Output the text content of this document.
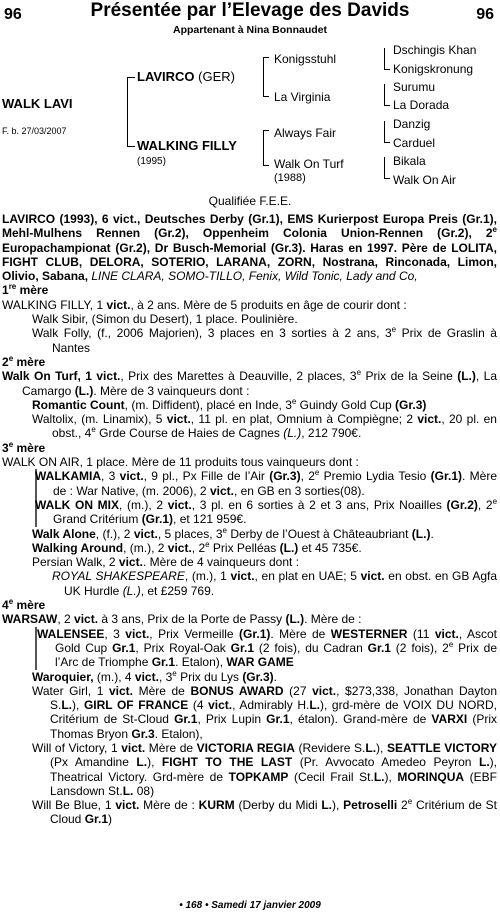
96	96
Présentée par l’Elevage des Davids
Appartenant à Nina Bonnaudet
WALK LAVI
F. b. 27/03/2007
LAVIRCO (GER)
WALKING FILLY
(1995)
Konigsstuhl
La Virginia
Always Fair
Walk On Turf
(1988)
Dschingis Khan
Konigskronung
Surumu
La Dorada
Danzig
Carduel
Bikala
Walk On Air
Qualifiée F.E.E.

LAVIRCO (1993), 6 vict., Deutsches Derby (Gr.1), EMS Kurierpost Europa Preis (Gr.1), Mehl-Mulhens Rennen (Gr.2), Oppenheim Colonia Union-Rennen (Gr.2), 2e Europachampionat (Gr.2), Dr Busch-Memorial (Gr.3). Haras en 1997. Père de LOLITA, FIGHT CLUB, DELORA, SOTERIO, LARANA, ZORN, Nostrana, Rinconada, Limon, Olivio, Sabana, LINE CLARA, SOMO-TILLO, Fenix, Wild Tonic, Lady and Co,

1re mère

WALKING FILLY, 1 vict., à 2 ans. Mère de 5 produits en âge de courir dont :

Walk Sibir, (Simon du Desert), 1 place. Poulinière.

Walk Folly, (f., 2006 Majorien), 3 places en 3 sorties à 2 ans, 3e Prix de Graslin à Nantes

2e mère

Walk On Turf, 1 vict., Prix des Marettes à Deauville, 2 places, 3e Prix de la Seine (L.), La Camargo (L.). Mère de 3 vainqueurs dont :

Romantic Count, (m. Diffident), placé en Inde, 3e Guindy Gold Cup (Gr.3)

Waltolix, (m. Linamix), 5 vict., 11 pl. en plat, Omnium à Compiègne; 2 vict., 20 pl. en obst., 4e Grde Course de Haies de Cagnes (L.), 212 790€.

3e mère

WALK ON AIR, 1 place. Mère de 11 produits tous vainqueurs dont :

WALKAMIA, 3 vict., 9 pl., Px Fille de l’Air (Gr.3), 2e Premio Lydia Tesio (Gr.1). Mère de : War Native, (m. 2006), 2 vict., en GB en 3 sorties(08).

WALK ON MIX, (m.), 2 vict., 3 pl. en 6 sorties à 2 et 3 ans, Prix Noailles (Gr.2), 2e Grand Critérium (Gr.1), et 121 959€.

Walk Alone, (f.), 2 vict., 5 places, 3e Derby de l’Ouest à Châteaubriant (L.).

Walking Around, (m.), 2 vict., 2e Prix Pelléas (L.) et 45 735€.

Persian Walk, 2 vict.. Mère de 4 vainqueurs dont :

ROYAL SHAKESPEARE, (m.), 1 vict., en plat en UAE; 5 vict. en obst. en GB Agfa UK Hurdle (L.), et £259 769.

4e mère

WARSAW, 2 vict. à 3 ans, Prix de la Porte de Passy (L.). Mère de :

WALENSEE, 3 vict., Prix Vermeille (Gr.1). Mère de WESTERNER (11 vict., Ascot Gold Cup Gr.1, Prix Royal-Oak Gr.1 (2 fois), du Cadran Gr.1 (2 fois), 2e Prix de l’Arc de Triomphe Gr.1. Etalon), WAR GAME

Waroquier, (m.), 4 vict., 3e Prix du Lys (Gr.3).

Water Girl, 1 vict. Mère de BONUS AWARD (27 vict., $273,338, Jonathan Dayton S.L.), GIRL OF FRANCE (4 vict., Admirably H.L.), grd-mère de VOIX DU NORD, Critérium de St-Cloud Gr.1, Prix Lupin Gr.1, étalon). Grand-mère de VARXI (Prix Thomas Bryon Gr.3. Etalon),

Will of Victory, 1 vict. Mère de VICTORIA REGIA (Revidere S.L.), SEATTLE VICTORY (Px Amandine L.), FIGHT TO THE LAST (Pr. Avvocato Amedeo Peyron L.), Theatrical Victory. Grd-mère de TOPKAMP (Cecil Frail St.L.), MORINQUA (EBF Lansdown St.L. 08)

Will Be Blue, 1 vict. Mère de : KURM (Derby du Midi L.), Petroselli 2e Critérium de St Cloud Gr.1)

• 168 • Samedi 17 janvier 2009
